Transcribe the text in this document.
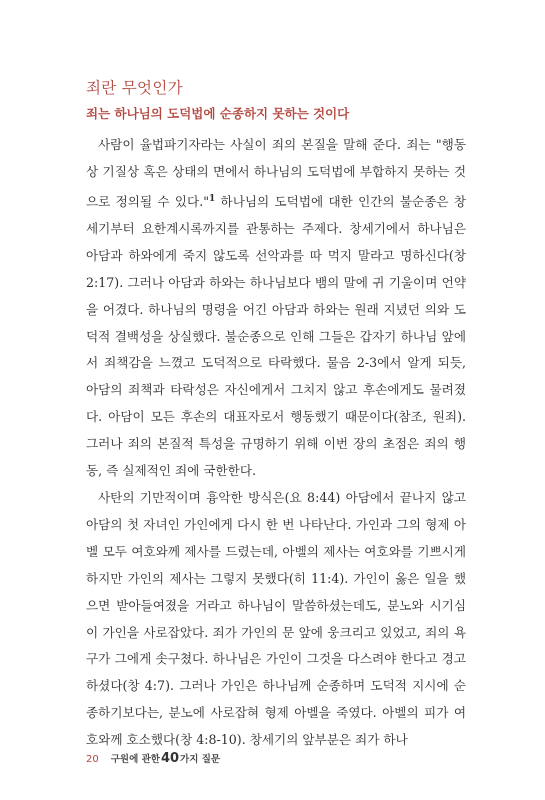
죄란 무엇인가
죄는 하나님의 도덕법에 순종하지 못하는 것이다

사람이 율법파기자라는 사실이 죄의 본질을 말해 준다. 죄는 "행동상 기질상 혹은 상태의 면에서 하나님의 도덕법에 부합하지 못하는 것으로 정의될 수 있다."$^1$ 하나님의 도덕법에 대한 인간의 불순종은 창세기부터 요한계시록까지를 관통하는 주제다. 창세기에서 하나님은 아담과 하와에게 죽지 않도록 선악과를 따 먹지 말라고 명하신다(창 2:17). 그러나 아담과 하와는 하나님보다 뱀의 말에 귀 기울이며 언약을 어겼다. 하나님의 명령을 어긴 아담과 하와는 원래 지녔던 의와 도덕적 결백성을 상실했다. 불순종으로 인해 그들은 갑자기 하나님 앞에서 죄책감을 느꼈고 도덕적으로 타락했다. 물음 2-3에서 알게 되듯, 아담의 죄책과 타락성은 자신에게서 그치지 않고 후손에게도 물려졌다. 아담이 모든 후손의 대표자로서 행동했기 때문이다(참조, 원죄). 그러나 죄의 본질적 특성을 규명하기 위해 이번 장의 초점은 죄의 행동, 즉 실제적인 죄에 국한한다.

사탄의 기만적이며 흉악한 방식은(요 8:44) 아담에서 끝나지 않고 아담의 첫 자녀인 가인에게 다시 한 번 나타난다. 가인과 그의 형제 아벨 모두 여호와께 제사를 드렸는데, 아벨의 제사는 여호와를 기쁘시게 하지만 가인의 제사는 그렇지 못했다(히 11:4). 가인이 옳은 일을 했으면 받아들여졌을 거라고 하나님이 말씀하셨는데도, 분노와 시기심이 가인을 사로잡았다. 죄가 가인의 문 앞에 웅크리고 있었고, 죄의 욕구가 그에게 솟구쳤다. 하나님은 가인이 그것을 다스려야 한다고 경고하셨다(창 4:7). 그러나 가인은 하나님께 순종하며 도덕적 지시에 순종하기보다는, 분노에 사로잡혀 형제 아벨을 죽였다. 아벨의 피가 여호와께 호소했다(창 4:8-10). 창세기의 앞부분은 죄가 하나

20 구원에 관한 40 가지 질문
